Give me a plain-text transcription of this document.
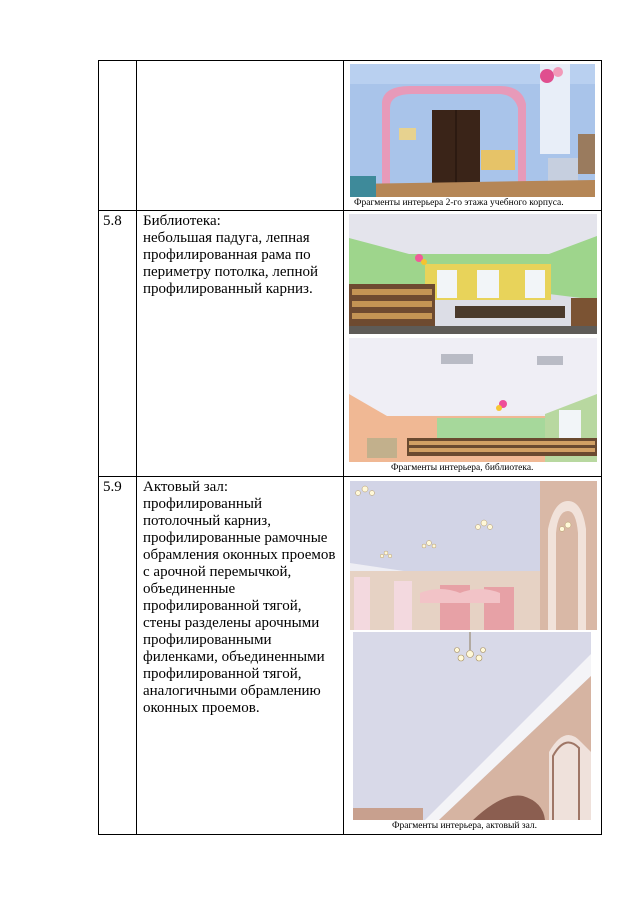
Фрагменты интерьера 2-го этажа учебного корпуса.
5.8 Библиотека:
небольшая падуга, лепная
профилированная рама по
периметру потолка, лепной
профилированный карниз.
Фрагменты интерьера, библиотека.
5.9 Актовый зал:
профилированный
потолочный карниз,
профилированные рамочные
обрамления оконных проемов
с арочной перемычкой,
объединенные
профилированной тягой,
стены разделены арочными
профилированными
филенками, объединенными
профилированной тягой,
аналогичными обрамлению
оконных проемов.
Фрагменты интерьера, актовый зал.
